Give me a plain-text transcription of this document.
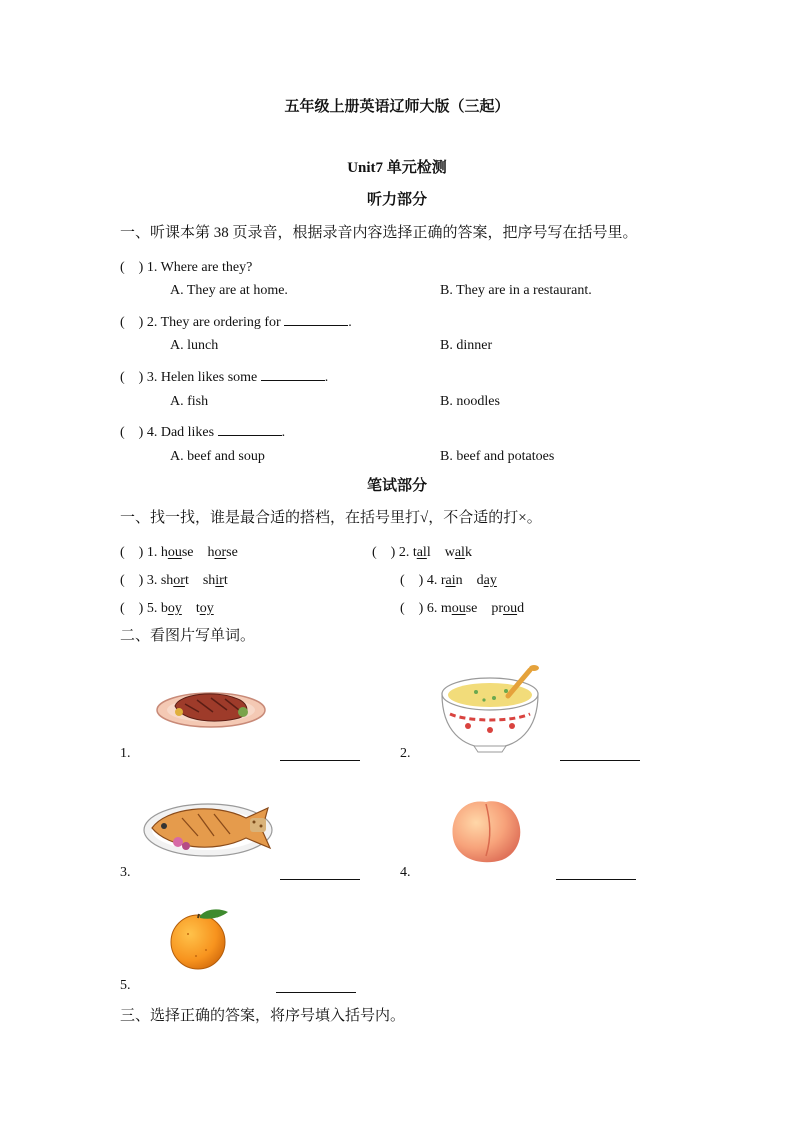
五年级上册英语辽师大版（三起）
Unit7 单元检测
听力部分
一、听课本第 38 页录音，根据录音内容选择正确的答案，把序号写在括号里。
(　) 1. Where are they?
A. They are at home.	B. They are in a restaurant.
(　) 2. They are ordering for	.
A. lunch	B. dinner
(　) 3. Helen likes some	.
A. fish	B. noodles
(　) 4. Dad likes	.
A. beef and soup	B. beef and potatoes
笔试部分
一、找一找，谁是最合适的搭档，在括号里打√，不合适的打×。
(　) 1. house horse	(　) 2. tall walk
(　) 3. short shirt	(　) 4. rain day
(　) 5. boy toy	(　) 6. mouse proud
二、看图片写单词。
1.	2.
3.	4.
5.
三、选择正确的答案，将序号填入括号内。
